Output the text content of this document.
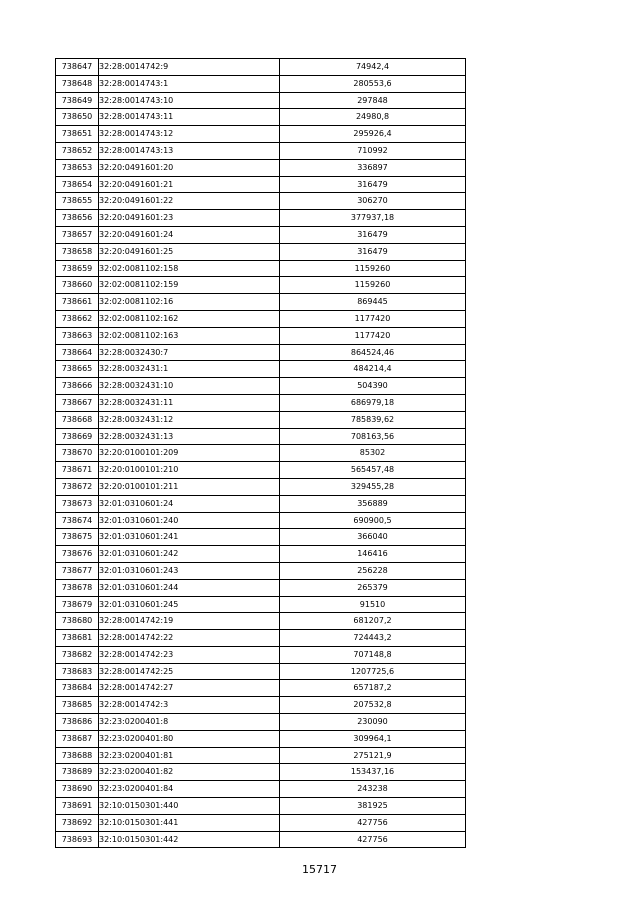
738647	32:28:0014742:9	74942,4
738648	32:28:0014743:1	280553,6
738649	32:28:0014743:10	297848
738650	32:28:0014743:11	24980,8
738651	32:28:0014743:12	295926,4
738652	32:28:0014743:13	710992
738653	32:20:0491601:20	336897
738654	32:20:0491601:21	316479
738655	32:20:0491601:22	306270
738656	32:20:0491601:23	377937,18
738657	32:20:0491601:24	316479
738658	32:20:0491601:25	316479
738659	32:02:0081102:158	1159260
738660	32:02:0081102:159	1159260
738661	32:02:0081102:16	869445
738662	32:02:0081102:162	1177420
738663	32:02:0081102:163	1177420
738664	32:28:0032430:7	864524,46
738665	32:28:0032431:1	484214,4
738666	32:28:0032431:10	504390
738667	32:28:0032431:11	686979,18
738668	32:28:0032431:12	785839,62
738669	32:28:0032431:13	708163,56
738670	32:20:0100101:209	85302
738671	32:20:0100101:210	565457,48
738672	32:20:0100101:211	329455,28
738673	32:01:0310601:24	356889
738674	32:01:0310601:240	690900,5
738675	32:01:0310601:241	366040
738676	32:01:0310601:242	146416
738677	32:01:0310601:243	256228
738678	32:01:0310601:244	265379
738679	32:01:0310601:245	91510
738680	32:28:0014742:19	681207,2
738681	32:28:0014742:22	724443,2
738682	32:28:0014742:23	707148,8
738683	32:28:0014742:25	1207725,6
738684	32:28:0014742:27	657187,2
738685	32:28:0014742:3	207532,8
738686	32:23:0200401:8	230090
738687	32:23:0200401:80	309964,1
738688	32:23:0200401:81	275121,9
738689	32:23:0200401:82	153437,16
738690	32:23:0200401:84	243238
738691	32:10:0150301:440	381925
738692	32:10:0150301:441	427756
738693	32:10:0150301:442	427756
15717
